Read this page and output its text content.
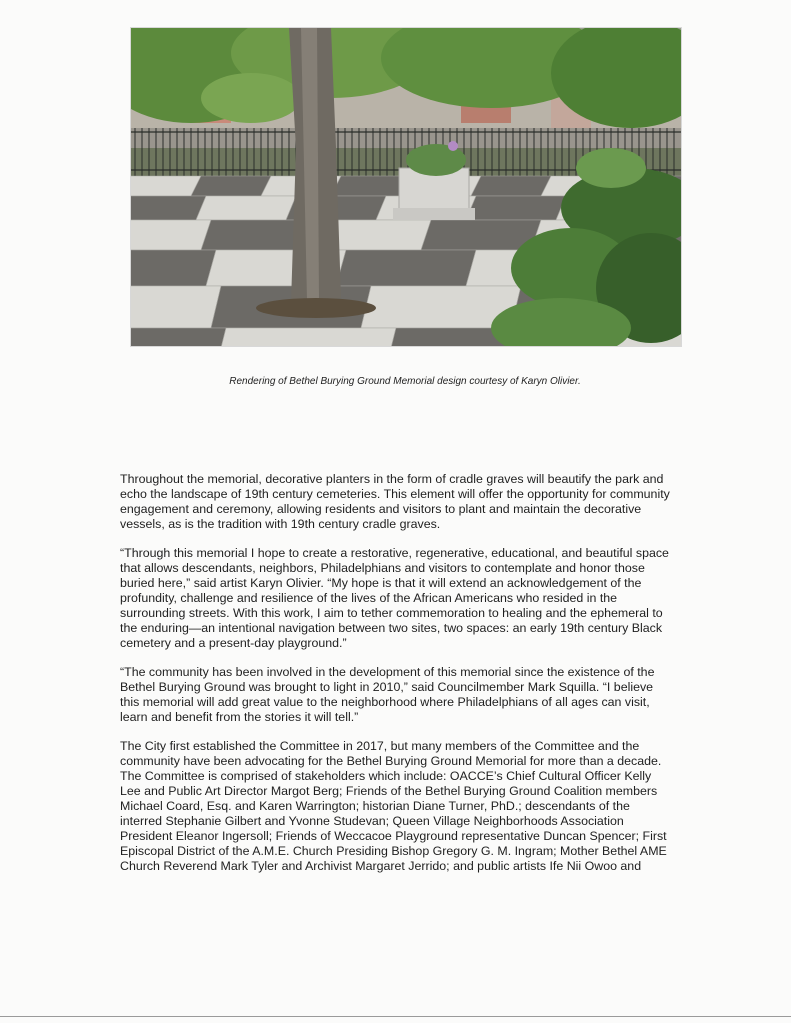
Rendering of Bethel Burying Ground Memorial design courtesy of Karyn Olivier.

Throughout the memorial, decorative planters in the form of cradle graves will beautify the park and echo the landscape of 19th century cemeteries. This element will offer the opportunity for community engagement and ceremony, allowing residents and visitors to plant and maintain the decorative vessels, as is the tradition with 19th century cradle graves.

“Through this memorial I hope to create a restorative, regenerative, educational, and beautiful space that allows descendants, neighbors, Philadelphians and visitors to contemplate and honor those buried here,” said artist Karyn Olivier. “My hope is that it will extend an acknowledgement of the profundity, challenge and resilience of the lives of the African Americans who resided in the surrounding streets. With this work, I aim to tether commemoration to healing and the ephemeral to the enduring—an intentional navigation between two sites, two spaces: an early 19th century Black cemetery and a present-day playground.”

“The community has been involved in the development of this memorial since the existence of the Bethel Burying Ground was brought to light in 2010,” said Councilmember Mark Squilla. “I believe this memorial will add great value to the neighborhood where Philadelphians of all ages can visit, learn and benefit from the stories it will tell.”

The City first established the Committee in 2017, but many members of the Committee and the community have been advocating for the Bethel Burying Ground Memorial for more than a decade. The Committee is comprised of stakeholders which include: OACCE’s Chief Cultural Officer Kelly Lee and Public Art Director Margot Berg; Friends of the Bethel Burying Ground Coalition members Michael Coard, Esq. and Karen Warrington; historian Diane Turner, PhD.; descendants of the interred Stephanie Gilbert and Yvonne Studevan; Queen Village Neighborhoods Association President Eleanor Ingersoll; Friends of Weccacoe Playground representative Duncan Spencer; First Episcopal District of the A.M.E. Church Presiding Bishop Gregory G. M. Ingram; Mother Bethel AME Church Reverend Mark Tyler and Archivist Margaret Jerrido; and public artists Ife Nii Owoo and
